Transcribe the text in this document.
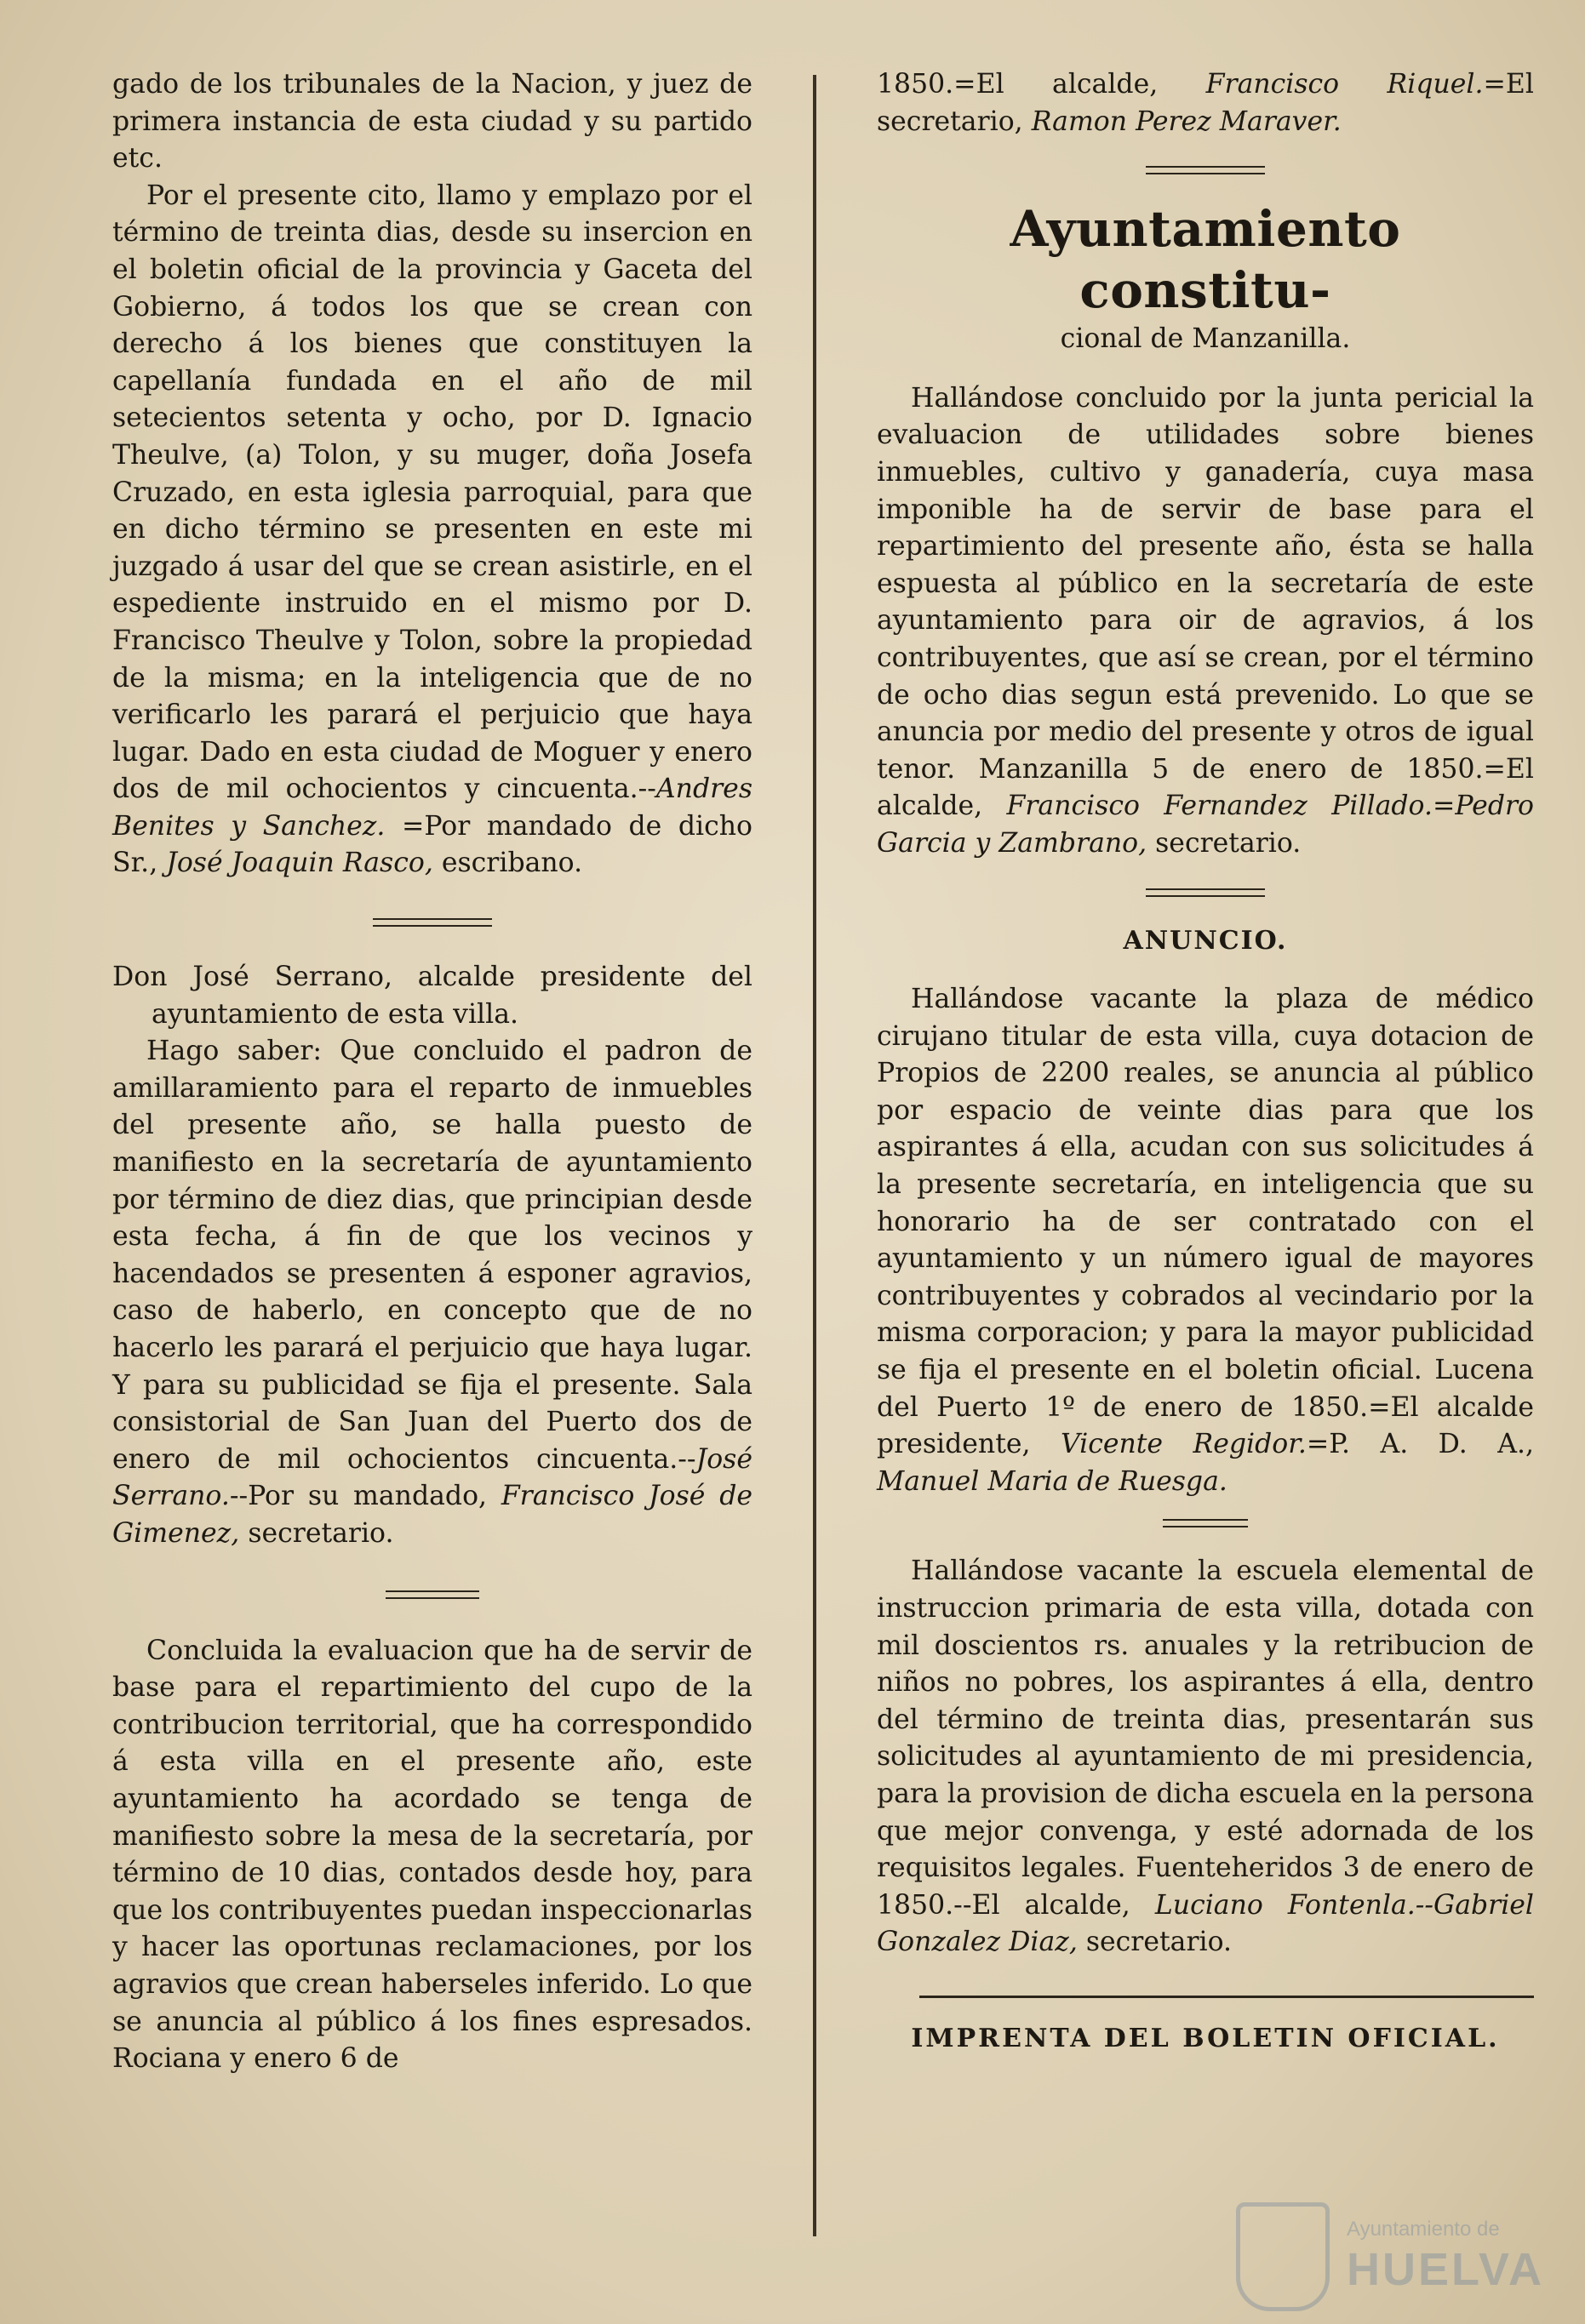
gado de los tribunales de la Nacion, y juez de primera instancia de esta ciudad y su partido etc.

Por el presente cito, llamo y emplazo por el término de treinta dias, desde su insercion en el boletin oficial de la provincia y Gaceta del Gobierno, á todos los que se crean con derecho á los bienes que constituyen la capellanía fundada en el año de mil setecientos setenta y ocho, por D. Ignacio Theulve, (a) Tolon, y su muger, doña Josefa Cruzado, en esta iglesia parroquial, para que en dicho término se presenten en este mi juzgado á usar del que se crean asistirle, en el espediente instruido en el mismo por D. Francisco Theulve y Tolon, sobre la propiedad de la misma; en la inteligencia que de no verificarlo les parará el perjuicio que haya lugar. Dado en esta ciudad de Moguer y enero dos de mil ochocientos y cincuenta.--Andres Benites y Sanchez. =Por mandado de dicho Sr., José Joaquin Rasco, escribano.

Don José Serrano, alcalde presidente del ayuntamiento de esta villa.

Hago saber: Que concluido el padron de amillaramiento para el reparto de inmuebles del presente año, se halla puesto de manifiesto en la secretaría de ayuntamiento por término de diez dias, que principian desde esta fecha, á fin de que los vecinos y hacendados se presenten á esponer agravios, caso de haberlo, en concepto que de no hacerlo les parará el perjuicio que haya lugar. Y para su publicidad se fija el presente. Sala consistorial de San Juan del Puerto dos de enero de mil ochocientos cincuenta.--José Serrano.--Por su mandado, Francisco José de Gimenez, secretario.

Concluida la evaluacion que ha de servir de base para el repartimiento del cupo de la contribucion territorial, que ha correspondido á esta villa en el presente año, este ayuntamiento ha acordado se tenga de manifiesto sobre la mesa de la secretaría, por término de 10 dias, contados desde hoy, para que los contribuyentes puedan inspeccionarlas y hacer las oportunas reclamaciones, por los agravios que crean haberseles inferido. Lo que se anuncia al público á los fines espresados. Rociana y enero 6 de

1850.=El alcalde, Francisco Riquel.=El secretario, Ramon Perez Maraver.

Ayuntamiento constitu-
cional de Manzanilla.

Hallándose concluido por la junta pericial la evaluacion de utilidades sobre bienes inmuebles, cultivo y ganadería, cuya masa imponible ha de servir de base para el repartimiento del presente año, ésta se halla espuesta al público en la secretaría de este ayuntamiento para oir de agravios, á los contribuyentes, que así se crean, por el término de ocho dias segun está prevenido. Lo que se anuncia por medio del presente y otros de igual tenor. Manzanilla 5 de enero de 1850.=El alcalde, Francisco Fernandez Pillado.=Pedro Garcia y Zambrano, secretario.

ANUNCIO.

Hallándose vacante la plaza de médico cirujano titular de esta villa, cuya dotacion de Propios de 2200 reales, se anuncia al público por espacio de veinte dias para que los aspirantes á ella, acudan con sus solicitudes á la presente secretaría, en inteligencia que su honorario ha de ser contratado con el ayuntamiento y un número igual de mayores contribuyentes y cobrados al vecindario por la misma corporacion; y para la mayor publicidad se fija el presente en el boletin oficial. Lucena del Puerto 1º de enero de 1850.=El alcalde presidente, Vicente Regidor.=P. A. D. A., Manuel Maria de Ruesga.

Hallándose vacante la escuela elemental de instruccion primaria de esta villa, dotada con mil doscientos rs. anuales y la retribucion de niños no pobres, los aspirantes á ella, dentro del término de treinta dias, presentarán sus solicitudes al ayuntamiento de mi presidencia, para la provision de dicha escuela en la persona que mejor convenga, y esté adornada de los requisitos legales. Fuenteheridos 3 de enero de 1850.--El alcalde, Luciano Fontenla.--Gabriel Gonzalez Diaz, secretario.

IMPRENTA DEL BOLETIN OFICIAL.
Ayuntamiento de
HUELVA
